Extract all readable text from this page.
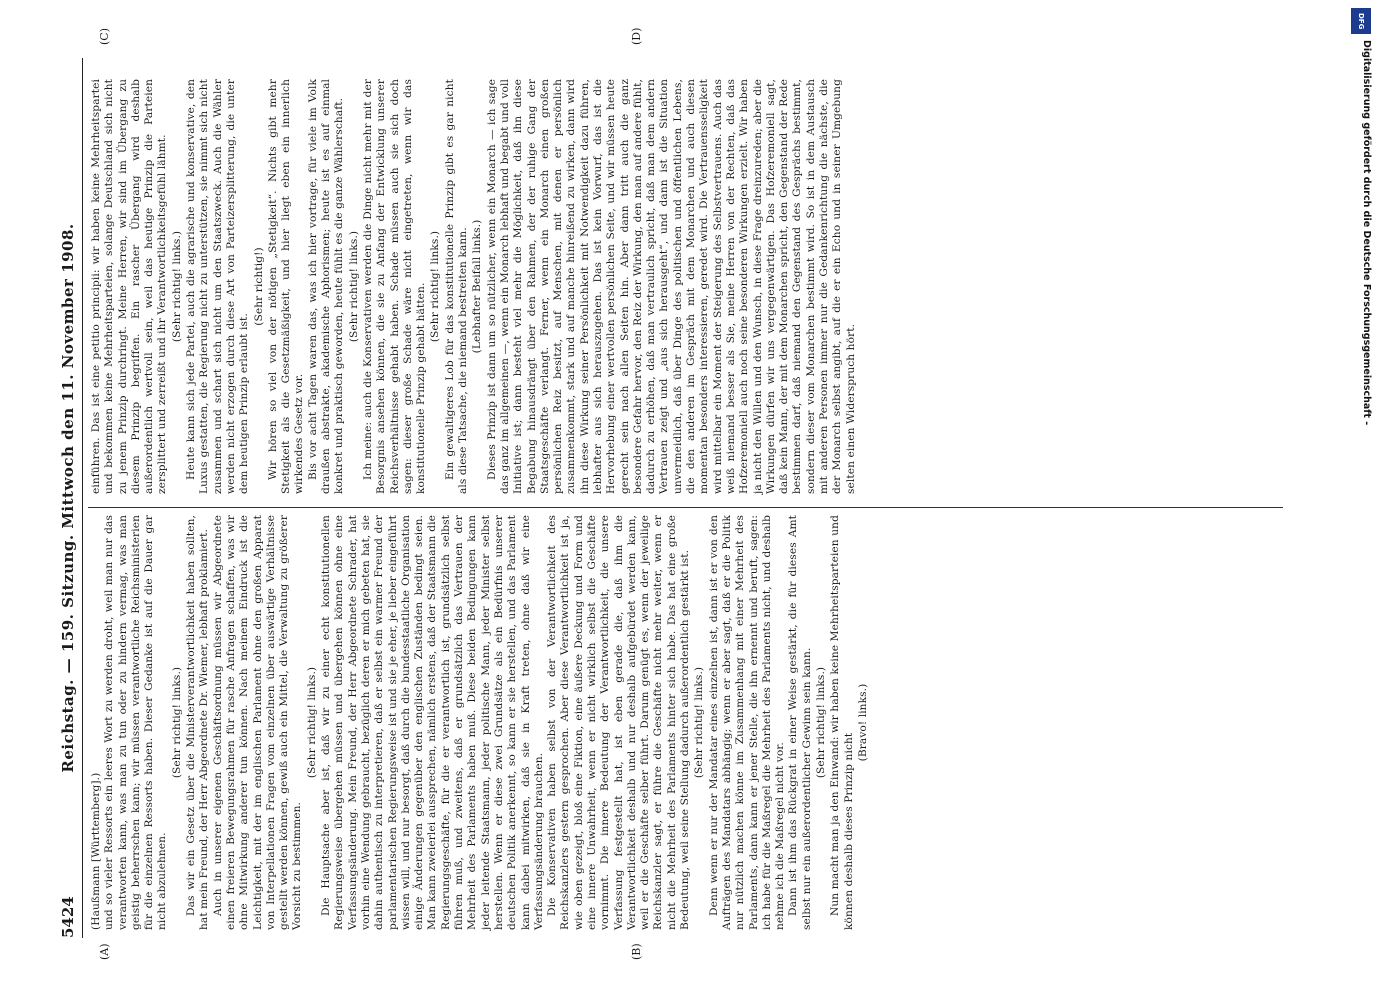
5424
Reichstag. — 159. Sitzung. Mittwoch den 11. November 1908.
(A)	(B)
(C)	(D)

(Haußmann [Württemberg].) und so vieler Ressorts ein leeres Wort zu werden droht, weil man nur das verantworten kann, was man zu tun oder zu hindern vermag, was man geistig beherrschen kann; wir müssen verantwortliche Reichsministerien für die einzelnen Ressorts haben. Dieser Gedanke ist auf die Dauer gar nicht abzulehnen.

(Sehr richtig! links.) Das wir ein Gesetz über die Ministerverantwortlichkeit haben sollten, hat mein Freund, der Herr Abgeordnete Dr. Wiemer, lebhaft proklamiert. Auch in unserer eigenen Geschäftsordnung müssen wir Abgeordnete einen freieren Bewegungsrahmen für rasche Anfragen schaffen, was wir ohne Mitwirkung anderer tun können. Nach meinem Eindruck ist die Leichtigkeit, mit der im englischen Parlament ohne den großen Apparat von Interpellationen Fragen vom einzelnen über auswärtige Verhältnisse gestellt werden können, gewiß auch ein Mittel, die Verwaltung zu größerer Vorsicht zu bestimmen.

(Sehr richtig! links.) Die Hauptsache aber ist, daß wir zu einer echt konstitutionellen Regierungsweise übergehen müssen und übergehen können ohne eine Verfassungsänderung. Mein Freund, der Herr Abgeordnete Schrader, hat vorhin eine Wendung gebraucht, bezüglich deren er mich gebeten hat, sie dahin authentisch zu interpretieren, daß er selbst ein warmer Freund der parlamentarischen Regierungsweise ist und sie je eher, je lieber eingeführt wissen will, und nur besorgt, daß durch die bundesstaatliche Organisation einige Änderungen gegenüber den englischen Zuständen bedingt seien. Man kann zweierlei aussprechen, nämlich erstens, daß der Staatsmann die Regierungsgeschäfte, für die er verantwortlich ist, grundsätzlich selbst führen muß, und zweitens, daß er grundsätzlich das Vertrauen der Mehrheit des Parlaments haben muß. Diese beiden Bedingungen kann jeder leitende Staatsmann, jeder politische Mann, jeder Minister selbst herstellen. Wenn er diese zwei Grundsätze als ein Bedürfnis unserer deutschen Politik anerkennt, so kann er sie herstellen, und das Parlament kann dabei mitwirken, daß sie in Kraft treten, ohne daß wir eine Verfassungsänderung brauchen. Die Konservativen haben selbst von der Verantwortlichkeit des Reichskanzlers gestern gesprochen. Aber diese Verantwortlichkeit ist ja, wie oben gezeigt, bloß eine Fiktion, eine äußere Deckung und Form und eine innere Unwahrheit, wenn er nicht wirklich selbst die Geschäfte vornimmt. Die innere Bedeutung der Verantwortlichkeit, die unsere Verfassung festgestellt hat, ist eben gerade die, daß ihm die Verantwortlichkeit deshalb und nur deshalb aufgebürdet werden kann, weil er die Geschäfte selber führt. Darum genügt es, wenn der jeweilige Reichskanzler sagt, er führe die Geschäfte nicht mehr weiter, wenn er nicht die Mehrheit des Parlaments hinter sich habe. Das hat eine große Bedeutung, weil seine Stellung dadurch außerordentlich gestärkt ist. (Sehr richtig! links.) Denn wenn er nur der Mandatar eines einzelnen ist, dann ist er von den Aufträgen des Mandatars abhängig; wenn er aber sagt, daß er die Politik nur nützlich machen könne im Zusammenhang mit einer Mehrheit des Parlaments, dann kann er jener Stelle, die ihn ernennt und beruft, sagen: ich habe für die Maßregel die Mehrheit des Parlaments nicht, und deshalb nehme ich die Maßregel nicht vor. Dann ist ihm das Rückgrat in einer Weise gestärkt, die für dieses Amt selbst nur ein außerordentlicher Gewinn sein kann. (Sehr richtig! links.) Nun macht man ja den Einwand: wir haben keine Mehrheitsparteien und können deshalb dieses Prinzip nicht

(Bravo! links.)

einführen. Das ist eine petitio principii: wir haben keine Mehrheitspartei und bekommen keine Mehrheitsparteien, solange Deutschland sich nicht zu jenem Prinzip durchringt. Meine Herren, wir sind im Übergang zu diesem Prinzip begriffen. Ein rascher Übergang wird deshalb außerordentlich wertvoll sein, weil das heutige Prinzip die Parteien zersplittert und zerreißt und ihr Verantwortlichkeitsgefühl lähmt. (Sehr richtig! links.) Heute kann sich jede Partei, auch die agrarische und konservative, den Luxus gestatten, die Regierung nicht zu unterstützen, sie nimmt sich nicht zusammen und schart sich nicht um den Staatszweck. Auch die Wähler werden nicht erzogen durch diese Art von Parteizersplitterung, die unter dem heutigen Prinzip erlaubt ist.

(Sehr richtig!) Wir hören so viel von der nötigen „Stetigkeit“. Nichts gibt mehr Stetigkeit als die Gesetzmäßigkeit, und hier liegt eben ein innerlich wirkendes Gesetz vor. Bis vor acht Tagen waren das, was ich hier vortrage, für viele im Volk draußen abstrakte, akademische Aphorismen; heute ist es auf einmal konkret und praktisch geworden, heute fühlt es die ganze Wählerschaft. (Sehr richtig! links.) Ich meine: auch die Konservativen werden die Dinge nicht mehr mit der Besorgnis ansehen können, die sie zu Anfang der Entwicklung unserer Reichsverhältnisse gehabt haben. Schade müssen auch sie sich doch sagen: dieser große Schade wäre nicht eingetreten, wenn wir das konstitutionelle Prinzip gehabt hätten. (Sehr richtig! links.) Ein gewaltigeres Lob für das konstitutionelle Prinzip gibt es gar nicht als diese Tatsache, die niemand bestreiten kann. (Lebhafter Beifall links.) Dieses Prinzip ist dann um so nützlicher, wenn ein Monarch — ich sage das ganz im allgemeinen —, wenn ein Monarch lebhaft und begabt und voll Initiative ist; dann besteht viel mehr die Möglichkeit, daß ihn diese Begabung hinausdrängt über den Rahmen, der der ruhige Gang der Staatsgeschäfte verlangt. Ferner, wenn ein Monarch einen großen persönlichen Reiz besitzt, auf Menschen, mit denen er persönlich zusammenkommt, stark und auf manche hinreißend zu wirken, dann wird ihn diese Wirkung seiner Persönlichkeit mit Notwendigkeit dazu führen, lebhafter aus sich herauszugehen. Das ist kein Vorwurf, das ist die Hervorhebung einer wertvollen persönlichen Seite, und wir müssen heute gerecht sein nach allen Seiten hin. Aber dann tritt auch die ganz besondere Gefahr hervor, den Reiz der Wirkung, den man auf andere fühlt, dadurch zu erhöhen, daß man vertraulich spricht, daß man dem andern Vertrauen zeigt und „aus sich herausgeht“, und dann ist die Situation unvermeidlich, daß über Dinge des politischen und öffentlichen Lebens, die den anderen im Gespräch mit dem Monarchen und auch diesen momentan besonders interessieren, geredet wird. Die Vertrauensseligkeit wird mittelbar ein Moment der Steigerung des Selbstvertrauens. Auch das weiß niemand besser als Sie, meine Herren von der Rechten, daß das Hofzeremoniell auch noch seine besonderen Wirkungen erzielt. Wir haben ja nicht den Willen und den Wunsch, in diese Frage dreinzureden; aber die Wirkungen dürfen wir uns vergegenwärtigen. Das Hofzeremoniell sagt, daß kein Mann, der mit dem Monarchen spricht, den Gegenstand der Rede bestimmen darf, daß niemand den Gegenstand des Gesprächs bestimmt, sondern dieser vom Monarchen bestimmt wird. So ist in dem Austausch mit anderen Personen immer nur die Gedankenrichtung die nächste, die der Monarch selbst angibt, auf die er ein Echo und in seiner Umgebung selten einen Widerspruch hört.	Digitalisierung gefördert durch die Deutsche Forschungsgemeinschaft -
DFG
